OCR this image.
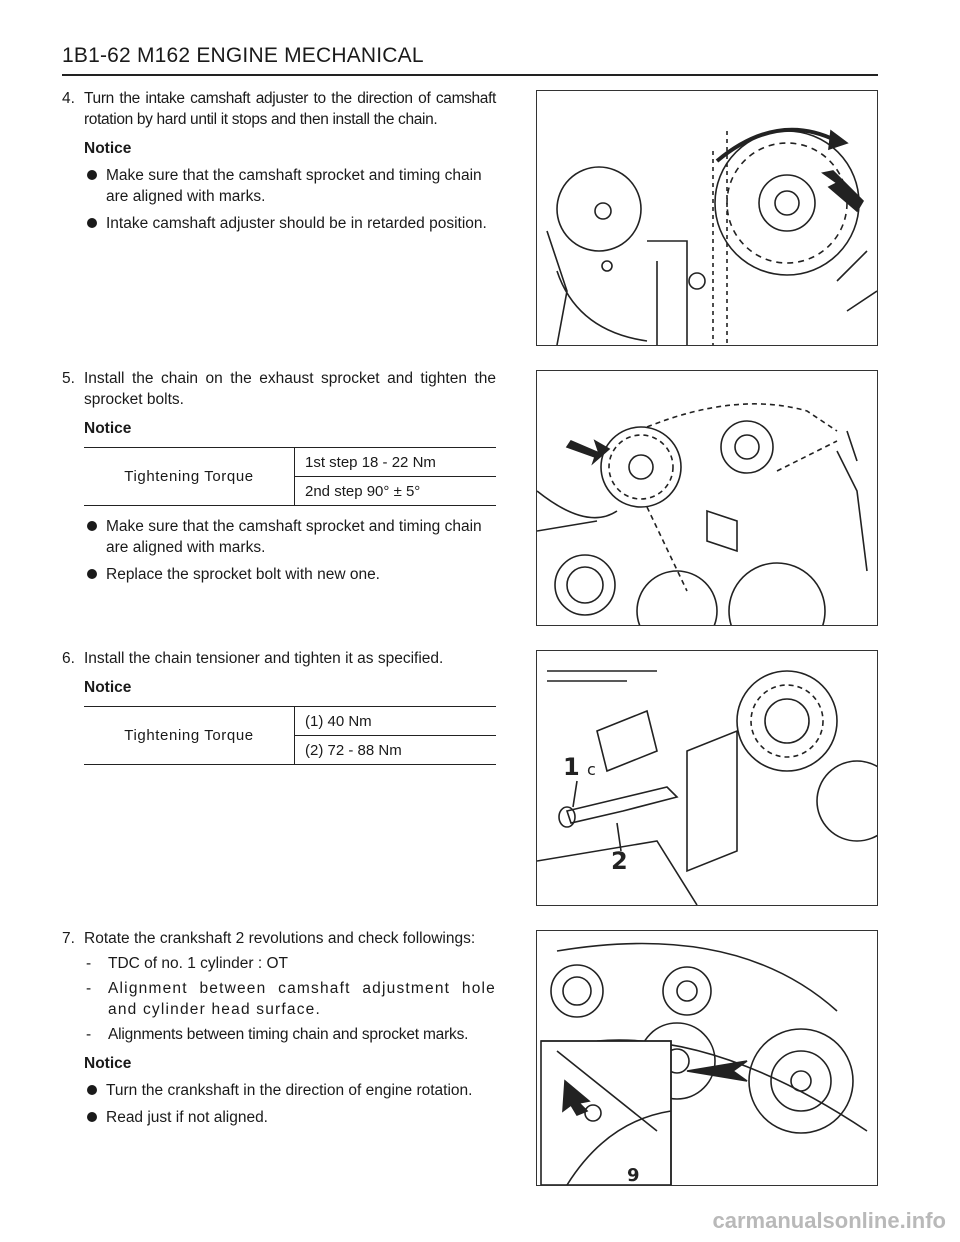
1B1-62 M162 ENGINE MECHANICAL
4. Turn the intake camshaft adjuster to the direction of camshaft rotation by hard until it stops and then install the chain.
Notice
Make sure that the camshaft sprocket and timing chain are aligned with marks.
Intake camshaft adjuster should be in retarded position.
5. Install the chain on the exhaust sprocket and tighten the sprocket bolts.
Notice
Tightening Torque	1st step 18 - 22 Nm
2nd step 90° ± 5°
Make sure that the camshaft sprocket and timing chain are aligned with marks.
Replace the sprocket bolt with new one.
6. Install the chain tensioner and tighten it as specified.
Notice
Tightening Torque	(1) 40 Nm
(2) 72 - 88 Nm
7. Rotate the crankshaft 2 revolutions and check followings:
-	TDC of no. 1 cylinder : OT
-	Alignment between camshaft adjustment hole and cylinder head surface.
-	Alignments between timing chain and sprocket marks.
Notice
Turn the crankshaft in the direction of engine rotation.
Read just if not aligned.
1 c
2
9
carmanualsonline.info
